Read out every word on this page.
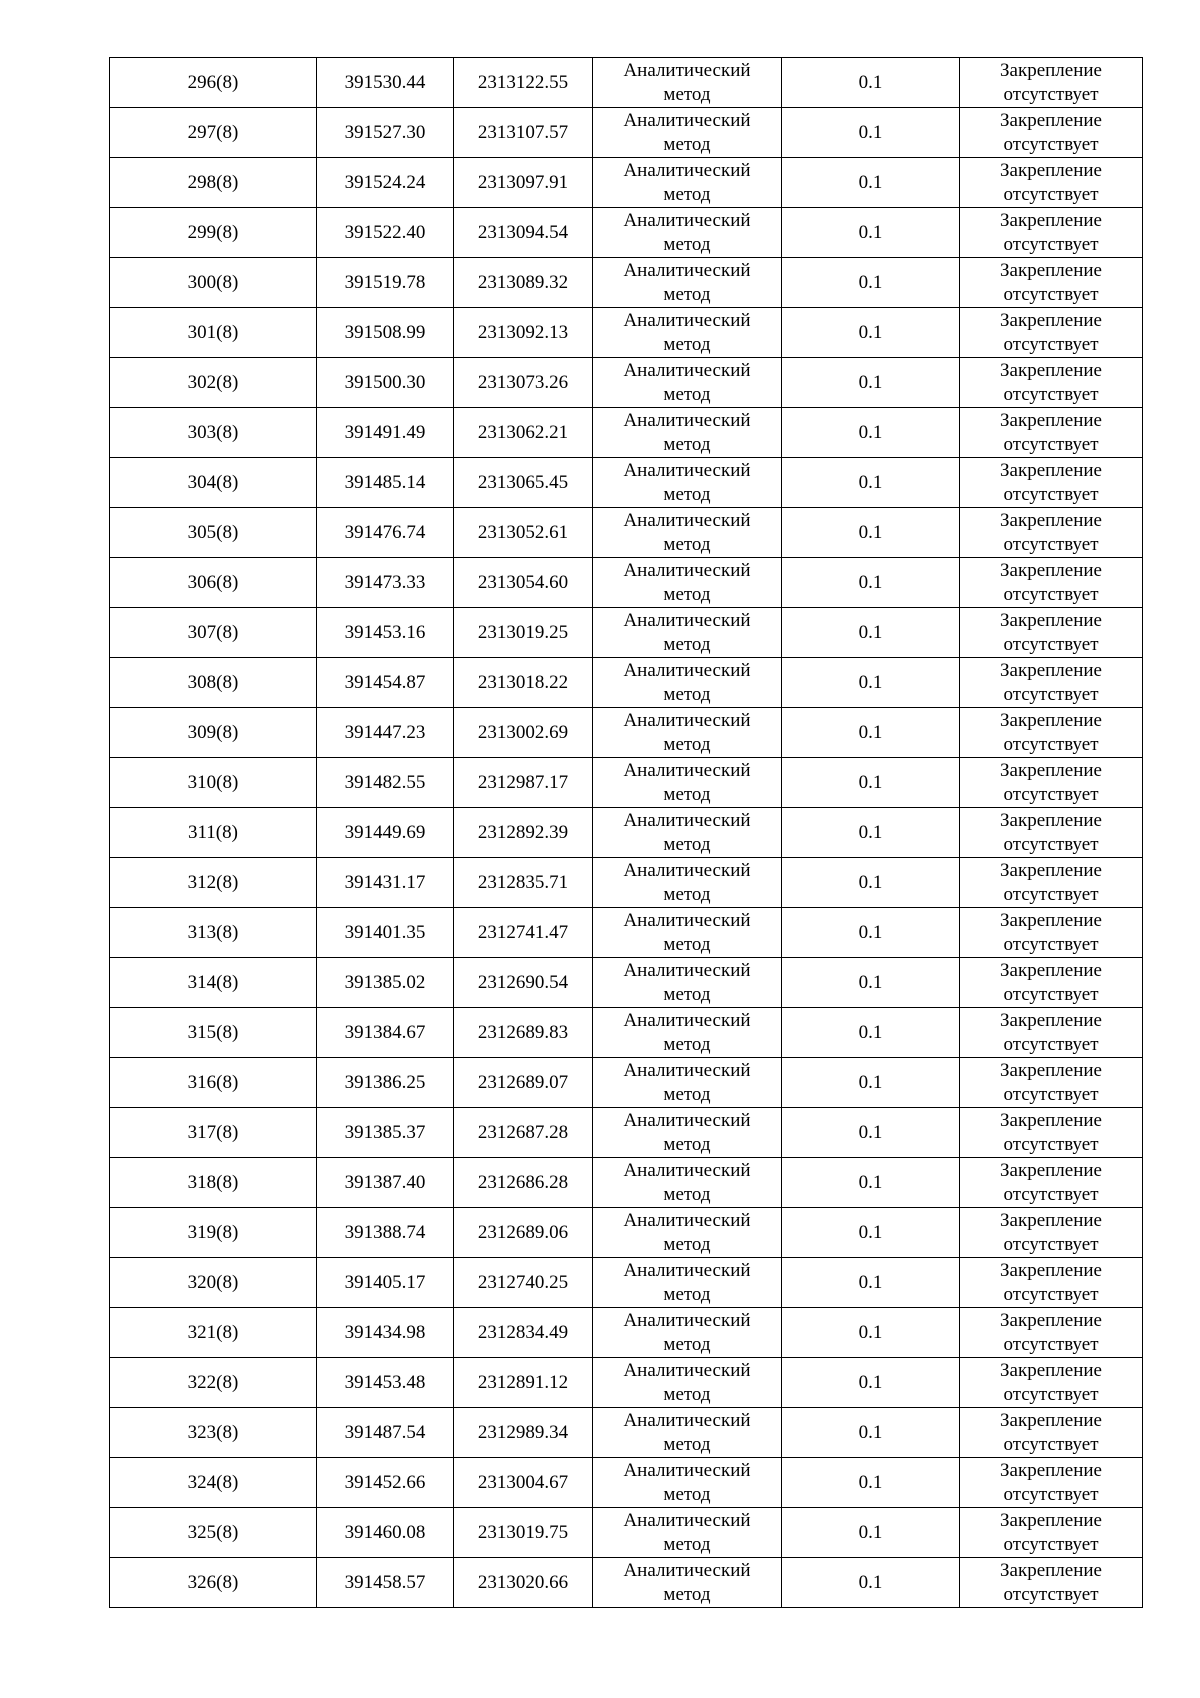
296(8)	391530.44	2313122.55	Аналитический
метод	0.1	Закрепление
отсутствует

297(8)	391527.30	2313107.57	Аналитический
метод	0.1	Закрепление
отсутствует

298(8)	391524.24	2313097.91	Аналитический
метод	0.1	Закрепление
отсутствует

299(8)	391522.40	2313094.54	Аналитический
метод	0.1	Закрепление
отсутствует

300(8)	391519.78	2313089.32	Аналитический
метод	0.1	Закрепление
отсутствует

301(8)	391508.99	2313092.13	Аналитический
метод	0.1	Закрепление
отсутствует

302(8)	391500.30	2313073.26	Аналитический
метод	0.1	Закрепление
отсутствует

303(8)	391491.49	2313062.21	Аналитический
метод	0.1	Закрепление
отсутствует

304(8)	391485.14	2313065.45	Аналитический
метод	0.1	Закрепление
отсутствует

305(8)	391476.74	2313052.61	Аналитический
метод	0.1	Закрепление
отсутствует

306(8)	391473.33	2313054.60	Аналитический
метод	0.1	Закрепление
отсутствует

307(8)	391453.16	2313019.25	Аналитический
метод	0.1	Закрепление
отсутствует

308(8)	391454.87	2313018.22	Аналитический
метод	0.1	Закрепление
отсутствует

309(8)	391447.23	2313002.69	Аналитический
метод	0.1	Закрепление
отсутствует

310(8)	391482.55	2312987.17	Аналитический
метод	0.1	Закрепление
отсутствует

311(8)	391449.69	2312892.39	Аналитический
метод	0.1	Закрепление
отсутствует

312(8)	391431.17	2312835.71	Аналитический
метод	0.1	Закрепление
отсутствует

313(8)	391401.35	2312741.47	Аналитический
метод	0.1	Закрепление
отсутствует

314(8)	391385.02	2312690.54	Аналитический
метод	0.1	Закрепление
отсутствует

315(8)	391384.67	2312689.83	Аналитический
метод	0.1	Закрепление
отсутствует

316(8)	391386.25	2312689.07	Аналитический
метод	0.1	Закрепление
отсутствует

317(8)	391385.37	2312687.28	Аналитический
метод	0.1	Закрепление
отсутствует

318(8)	391387.40	2312686.28	Аналитический
метод	0.1	Закрепление
отсутствует

319(8)	391388.74	2312689.06	Аналитический
метод	0.1	Закрепление
отсутствует

320(8)	391405.17	2312740.25	Аналитический
метод	0.1	Закрепление
отсутствует

321(8)	391434.98	2312834.49	Аналитический
метод	0.1	Закрепление
отсутствует

322(8)	391453.48	2312891.12	Аналитический
метод	0.1	Закрепление
отсутствует

323(8)	391487.54	2312989.34	Аналитический
метод	0.1	Закрепление
отсутствует

324(8)	391452.66	2313004.67	Аналитический
метод	0.1	Закрепление
отсутствует

325(8)	391460.08	2313019.75	Аналитический
метод	0.1	Закрепление
отсутствует

326(8)	391458.57	2313020.66	Аналитический
метод	0.1	Закрепление
отсутствует
